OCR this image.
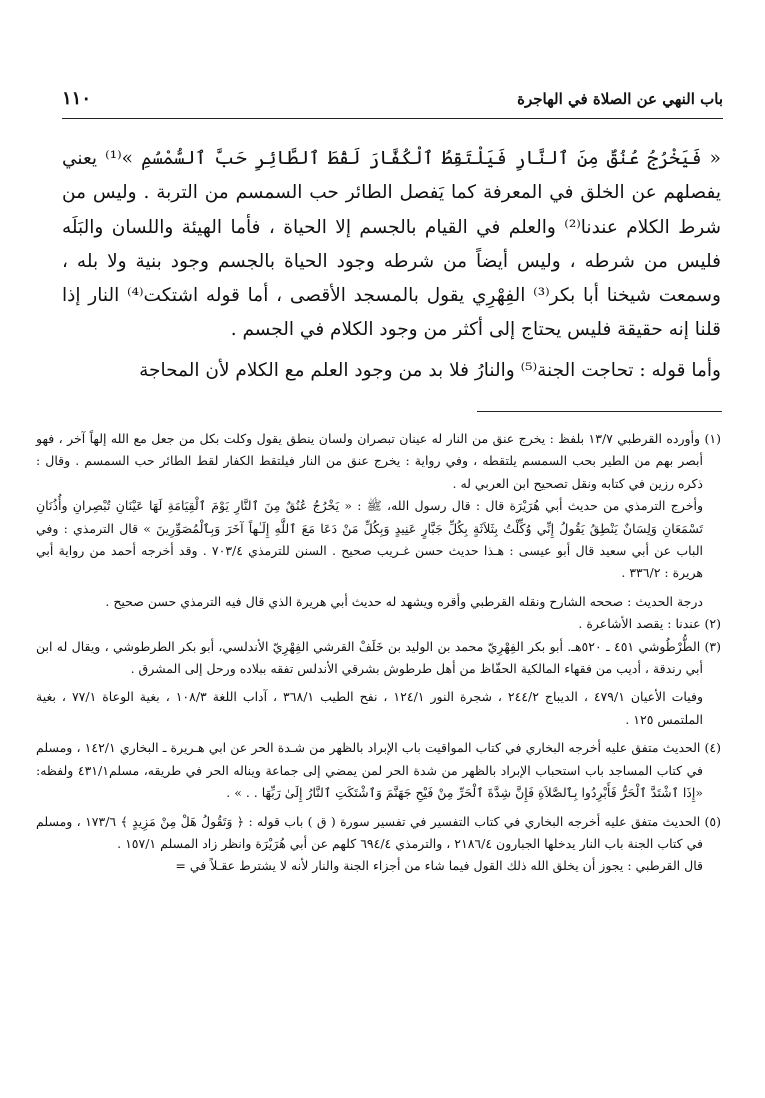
باب النهي عن الصلاة في الهاجرة
١١٠

« فَيَخْرُجُ عُنُقٌ مِنَ ٱلنَّارِ فَيَلْتَقِطُ ٱلْكُفَّارَ لَقْطَ ٱلطَّائِرِ حَبَّ ٱلسُّمْسُمِ »⁽¹⁾ يعني يفصلهم عن الخلق في المعرفة كما يَفصل الطائر حب السمسم من التربة . وليس من شرط الكلام عندنا⁽²⁾ والعلم في القيام بالجسم إلا الحياة ، فأما الهيئة واللسان والبَلَه فليس من شرطه ، وليس أيضاً من شرطه وجود الحياة بالجسم وجود بنية ولا بله ، وسمعت شيخنا أبا بكر⁽³⁾ الفِهْرِي يقول بالمسجد الأقصى ، أما قوله اشتكت⁽⁴⁾ النار إذا قلنا إنه حقيقة فليس يحتاج إلى أكثر من وجود الكلام في الجسم .

وأما قوله : تحاجت الجنة⁽⁵⁾ والنارُ فلا بد من وجود العلم مع الكلام لأن المحاجة

(١) وأورده القرطبي ١٣/٧ بلفظ : يخرج عنق من النار له عينان تبصران ولسان ينطق يقول وكلت بكل من جعل مع الله إلهاً آخر ، فهو أبصر بهم من الطير بحب السمسم يلتقطه ، وفي رواية : يخرج عنق من النار فيلتقط الكفار لقط الطائر حب السمسم . وقال : ذكره رزين في كتابه ونقل تصحيح ابن العربي له .

وأخرج الترمذي من حديث أبي هُرَيْرَة قال : قال رسول الله، ﷺ : « يَخْرُجُ عُنُقٌ مِنَ ٱلنَّارِ يَوْمَ ٱلْقِيَامَةِ لَهَا عَيْنَانِ تُبْصِرانِ وأُذُنَانِ تَسْمَعَانِ وَلِسَانٌ يَنْطِقُ يَقُولُ إِنِّي وُكِّلْتُ بِثَلاَثَةٍ بِكُلِّ جَبَّارٍ عَنِيدٍ وَبِكُلِّ مَنْ دَعَا مَعَ ٱللَّهِ إِلَـٰهاً آخَرَ وَبِٱلْمُصَوِّرِينَ » قال الترمذي : وفي الباب عن أبي سعيد قال أبو عيسى : هـذا حديث حسن غـريب صحيح . السنن للترمذي ٧٠٣/٤ . وقد أخرجه أحمد من رواية أبي هريرة : ٣٣٦/٢ .

درجة الحديث : صححه الشارح ونقله القرطبي وأقره ويشهد له حديث أبي هريرة الذي قال فيه الترمذي حسن صحيح .

(٢) عندنا : يقصد الأشاعرة .

(٣) الطُّرْطُوشي ٤٥١ ـ ٥٢٠هـ. أبو بكر الفِهْرِيّ محمد بن الوليد بن خَلَفْ القرشي الفِهْرِيّ الأندلسي، أبو بكر الطرطوشي ، ويقال له ابن أبي رندقة ، أديب من فقهاء المالكية الحفّاظ من أهل طرطوش بشرقي الأندلس تفقه ببلاده ورحل إلى المشرق .

وفيات الأعيان ٤٧٩/١ ، الديباج ٢٤٤/٢ ، شجرة النور ١٢٤/١ ، نفح الطيب ٣٦٨/١ ، آداب اللغة ١٠٨/٣ ، بغية الوعاة ٧٧/١ ، بغية الملتمس ١٢٥ .

(٤) الحديث متفق عليه أخرجه البخاري في كتاب المواقيت باب الإبراد بالظهر من شـدة الحر عن ابي هـريرة ـ البخاري ١٤٢/١ ، ومسلم في كتاب المساجد باب استحباب الإبراد بالظهر من شدة الحر لمن يمضي إلى جماعة ويناله الحر في طريقه، مسلم٤٣١/١ ولفظه: «إِذَا ٱشْتَدَّ ٱلْحَرُّ فَأَبْرِدُوا بِٱلصَّلاَةِ فَإِنَّ شِدَّةَ ٱلْحَرِّ مِنْ فَيْحِ جَهَنَّمَ وَٱشْتَكَتِ ٱلنَّارُ إِلَىٰ رَبِّهَا . . » .

(٥) الحديث متفق عليه أخرجه البخاري في كتاب التفسير في تفسير سورة ( ق ) باب قوله : ﴿ وَتَقُولُ هَلْ مِنْ مَزِيدٍ ﴾ ١٧٣/٦ ، ومسلم في كتاب الجنة باب النار يدخلها الجبارون ٢١٨٦/٤ ، والترمذي ٦٩٤/٤ كلهم عن أبي هُرَيْرَة وانظر زاد المسلم ١٥٧/١ .

قال القرطبي : يجوز أن يخلق الله ذلك القول فيما شاء من أجزاء الجنة والنار لأنه لا يشترط عقـلاً في =
